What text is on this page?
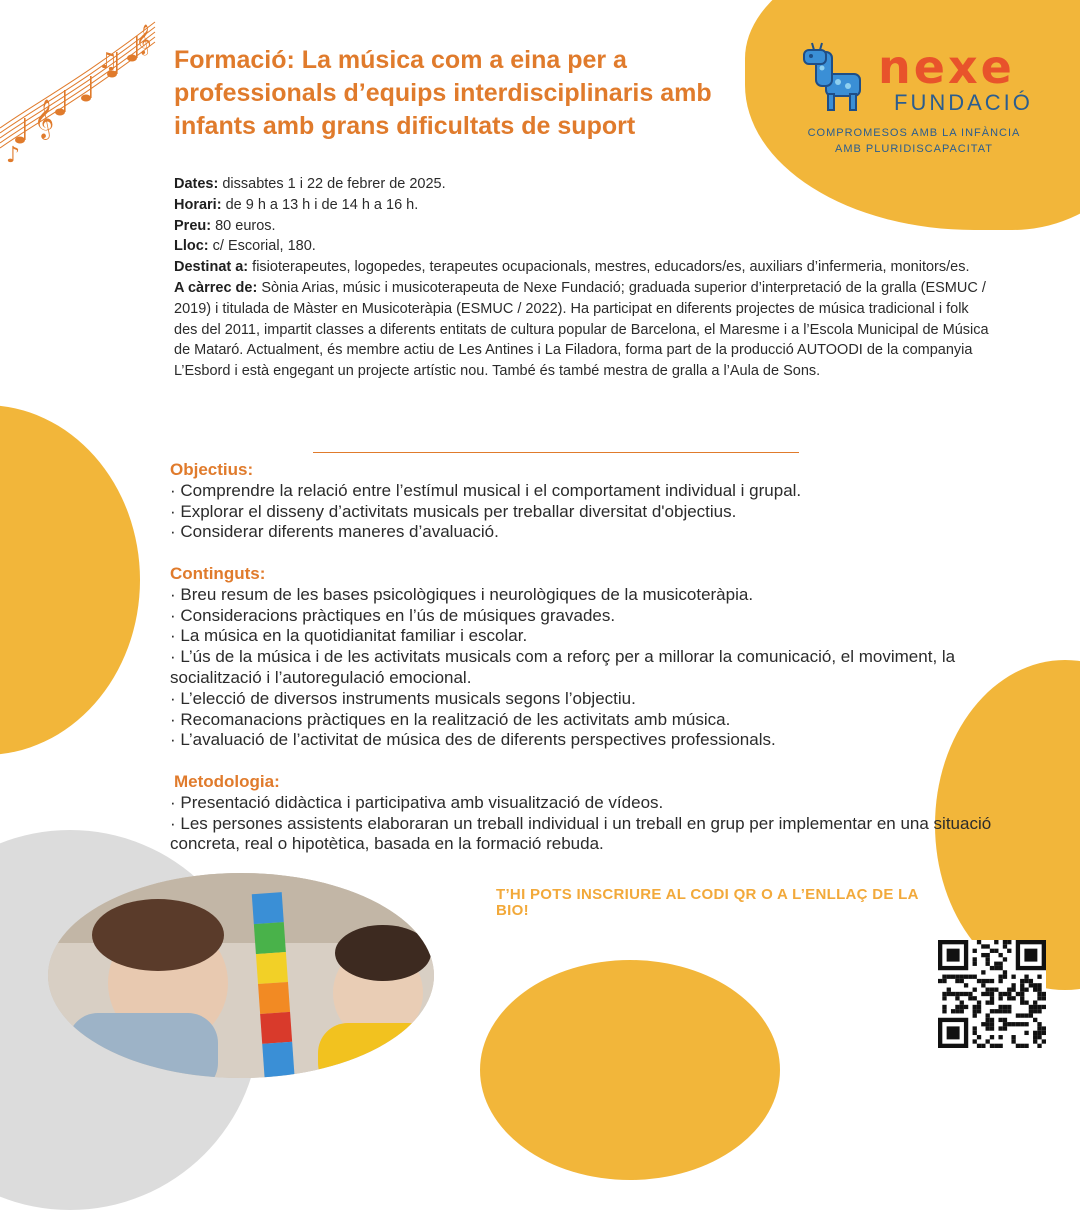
𝄞
𝄞
♪
♫	nexe
FUNDACIÓ
COMPROMESOS AMB LA INFÀNCIA
AMB PLURIDISCAPACITAT
Formació: La música com a eina per a professionals d’equips interdisciplinaris amb infants amb grans dificultats de suport

Dates: dissabtes 1 i 22 de febrer de 2025.

Horari: de 9 h a 13 h i de 14 h a 16 h.

Preu: 80 euros.

Lloc: c/ Escorial, 180.

Destinat a: fisioterapeutes, logopedes, terapeutes ocupacionals, mestres, educadors/es, auxiliars d’infermeria, monitors/es.

A càrrec de: Sònia Arias, músic i musicoterapeuta de Nexe Fundació; graduada superior d’interpretació de la gralla (ESMUC / 2019) i titulada de Màster en Musicoteràpia (ESMUC / 2022). Ha participat en diferents projectes de música tradicional i folk des del 2011, impartit classes a diferents entitats de cultura popular de Barcelona, el Maresme i a l’Escola Municipal de Música de Mataró. Actualment, és membre actiu de Les Antines i La Filadora, forma part de la producció AUTOODI de la companyia L’Esbord i està engegant un projecte artístic nou. També és també mestra de gralla a l’Aula de Sons.

Objectius:

· Comprendre la relació entre l’estímul musical i el comportament individual i grupal.
· Explorar el disseny d’activitats musicals per treballar diversitat d'objectius.
· Considerar diferents maneres d’avaluació.

Continguts:

· Breu resum de les bases psicològiques i neurològiques de la musicoteràpia.
· Consideracions pràctiques en l’ús de músiques gravades.
· La música en la quotidianitat familiar i escolar.
· L’ús de la música i de les activitats musicals com a reforç per a millorar la comunicació, el moviment, la socialització i l’autoregulació emocional.
· L’elecció de diversos instruments musicals segons l’objectiu.
· Recomanacions pràctiques en la realització de les activitats amb música.
· L’avaluació de l’activitat de música des de diferents perspectives professionals.

Metodologia:

· Presentació didàctica i participativa amb visualització de vídeos.
· Les persones assistents elaboraran un treball individual i un treball en grup per implementar en una situació concreta, real o hipotètica, basada en la formació rebuda.
T’HI POTS INSCRIURE AL CODI QR O A L’ENLLAÇ DE LA BIO!
